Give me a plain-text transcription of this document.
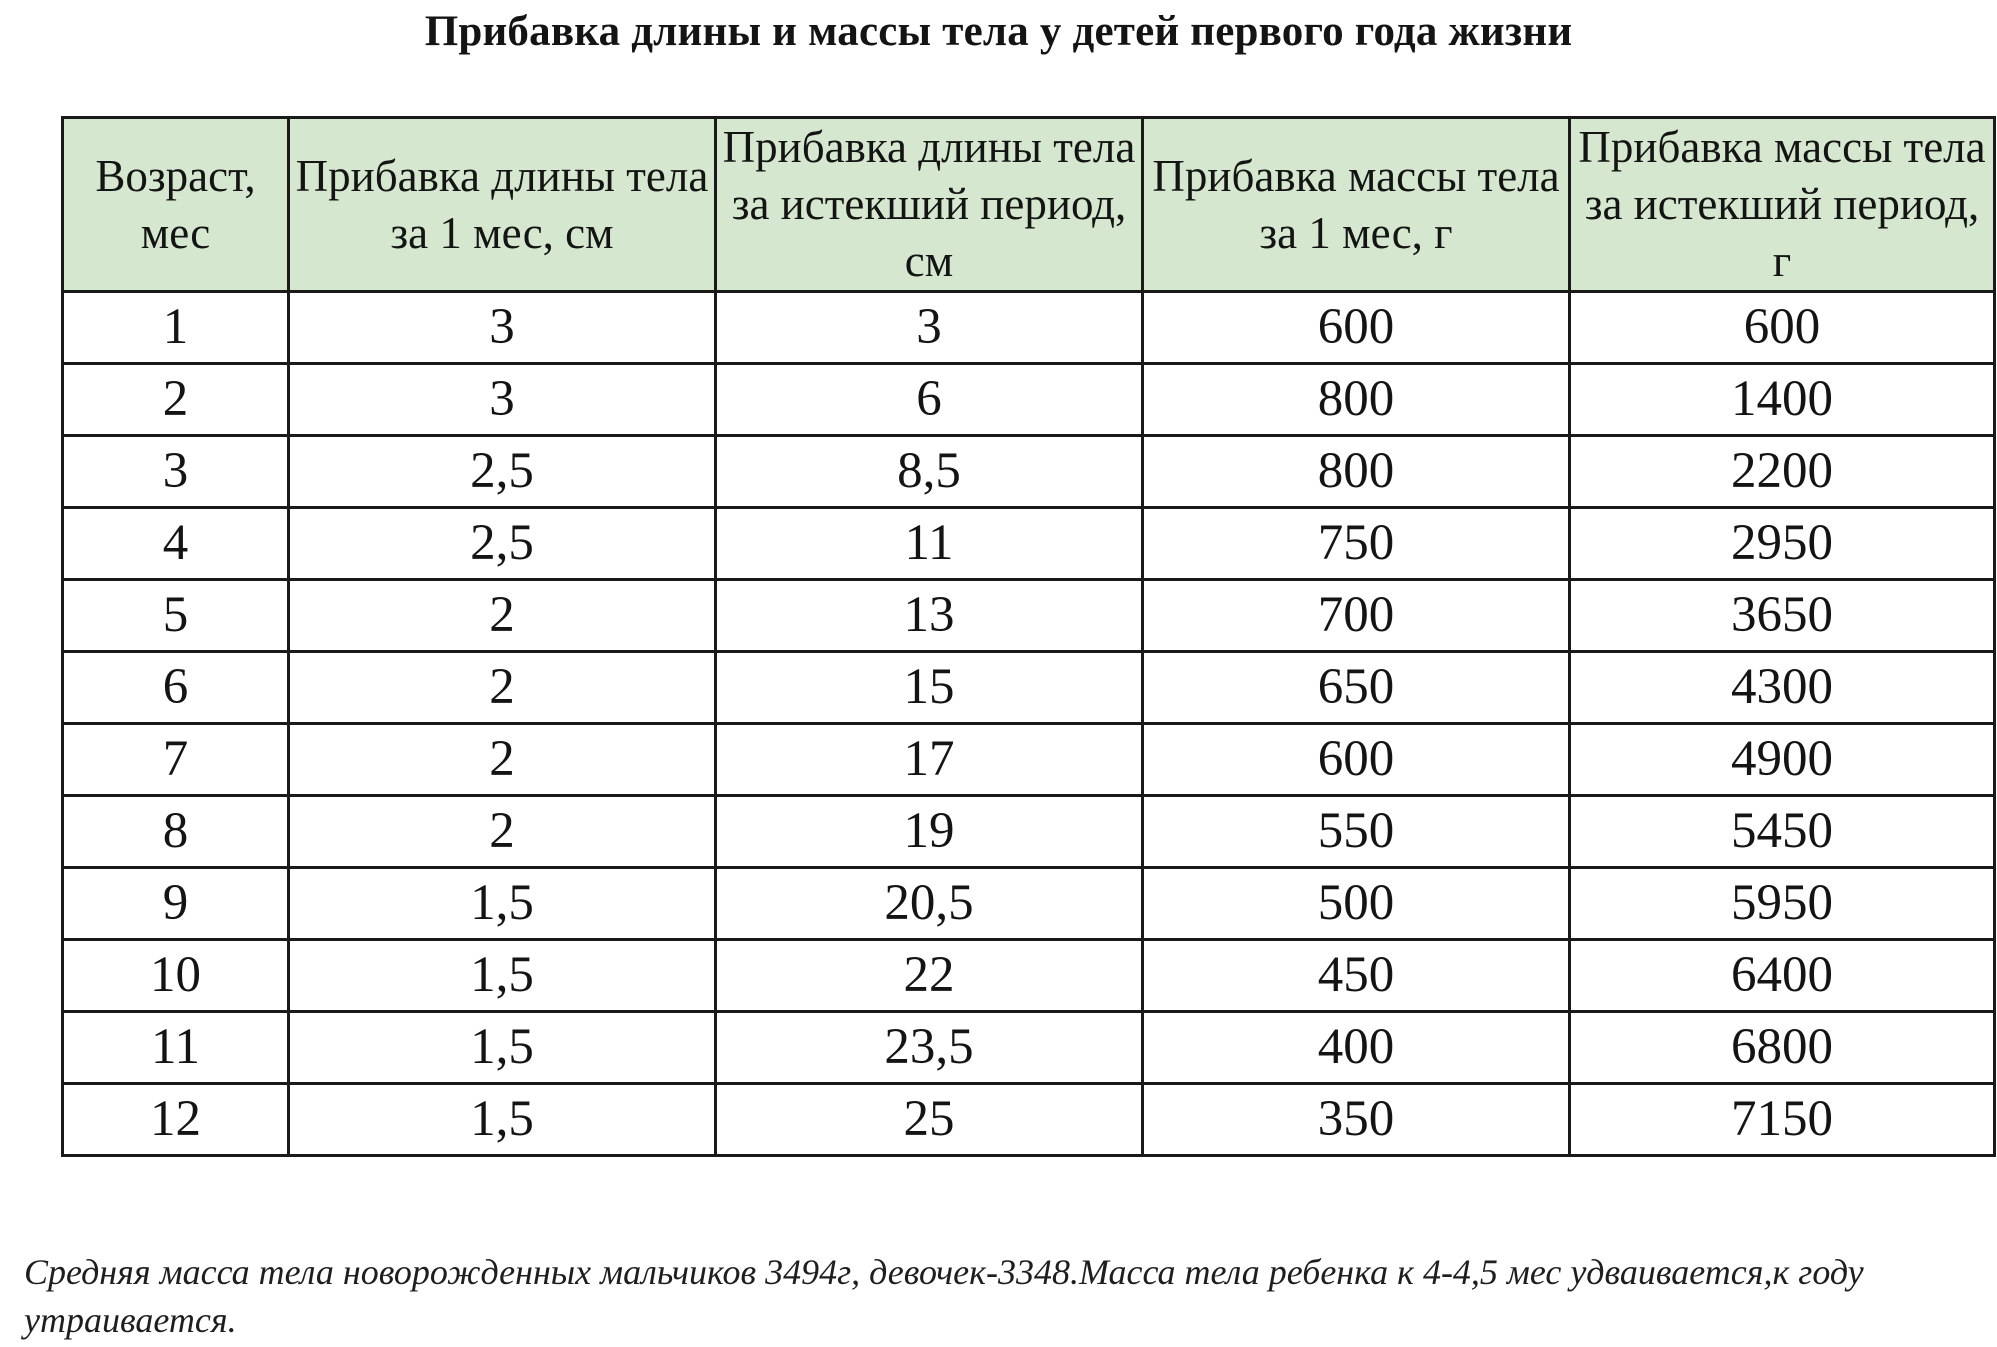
Прибавка длины и массы тела у детей первого года жизни
Возраст, мес	Прибавка длины тела за 1 мес, см	Прибавка длины тела за истекший период, см	Прибавка массы тела за 1 мес, г	Прибавка массы тела за истекший период, г
1	3	3	600	600
2	3	6	800	1400
3	2,5	8,5	800	2200
4	2,5	11	750	2950
5	2	13	700	3650
6	2	15	650	4300
7	2	17	600	4900
8	2	19	550	5450
9	1,5	20,5	500	5950
10	1,5	22	450	6400
11	1,5	23,5	400	6800
12	1,5	25	350	7150

Средняя масса тела новорожденных мальчиков 3494г, девочек-3348.Масса тела ребенка к 4-4,5 мес удваивается,к году утраивается.
